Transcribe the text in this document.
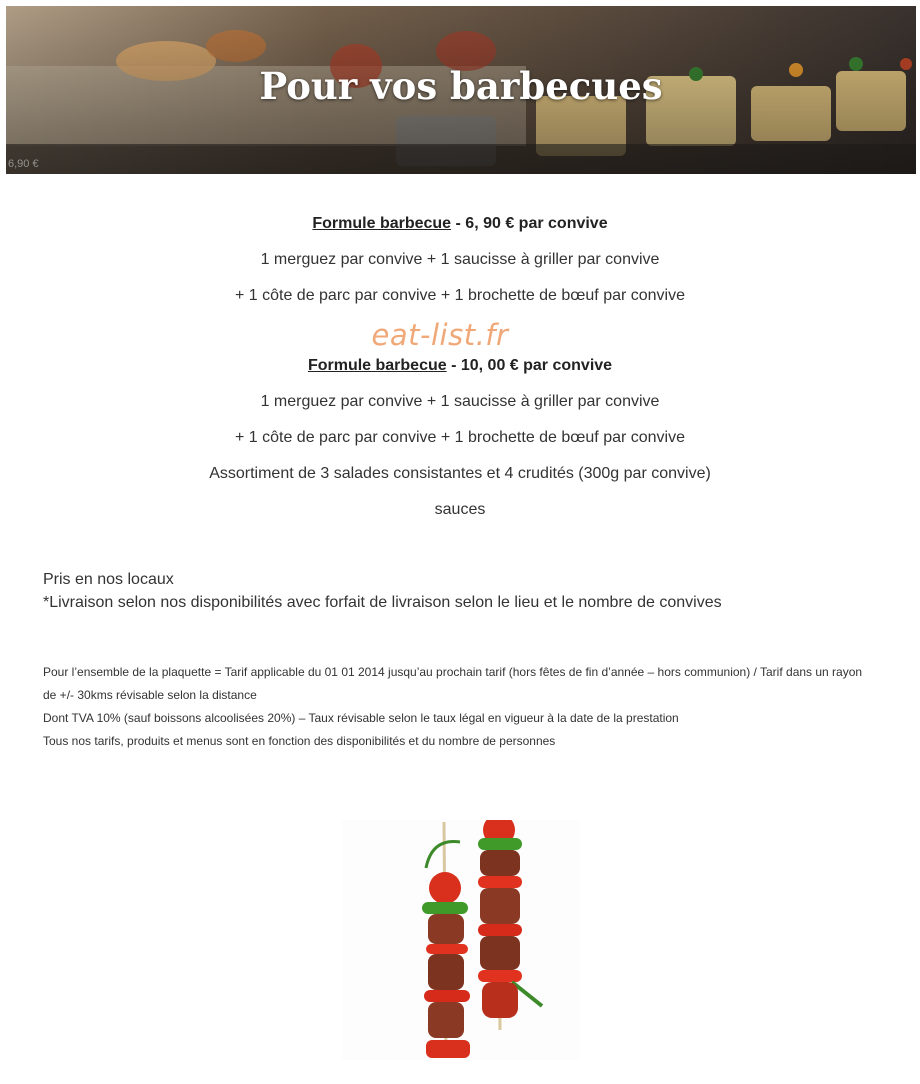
Pour vos barbecues
6,90 €
Formule barbecue - 6, 90 € par convive
1 merguez par convive + 1 saucisse à griller par convive
+ 1 côte de parc par convive + 1 brochette de bœuf par convive
eat-list.fr
Formule barbecue - 10, 00 € par convive
1 merguez par convive + 1 saucisse à griller par convive
+ 1 côte de parc par convive + 1 brochette de bœuf par convive
Assortiment de 3 salades consistantes et 4 crudités (300g par convive)
sauces
Pris en nos locaux
*Livraison selon nos disponibilités avec forfait de livraison selon le lieu et le nombre de convives
Pour l’ensemble de la plaquette = Tarif applicable du 01 01 2014 jusqu’au prochain tarif (hors fêtes de fin d’année – hors communion) / Tarif dans un rayon de +/- 30kms révisable selon la distance
Dont TVA 10% (sauf boissons alcoolisées 20%) – Taux révisable selon le taux légal en vigueur à la date de la prestation
Tous nos tarifs, produits et menus sont en fonction des disponibilités et du nombre de personnes
